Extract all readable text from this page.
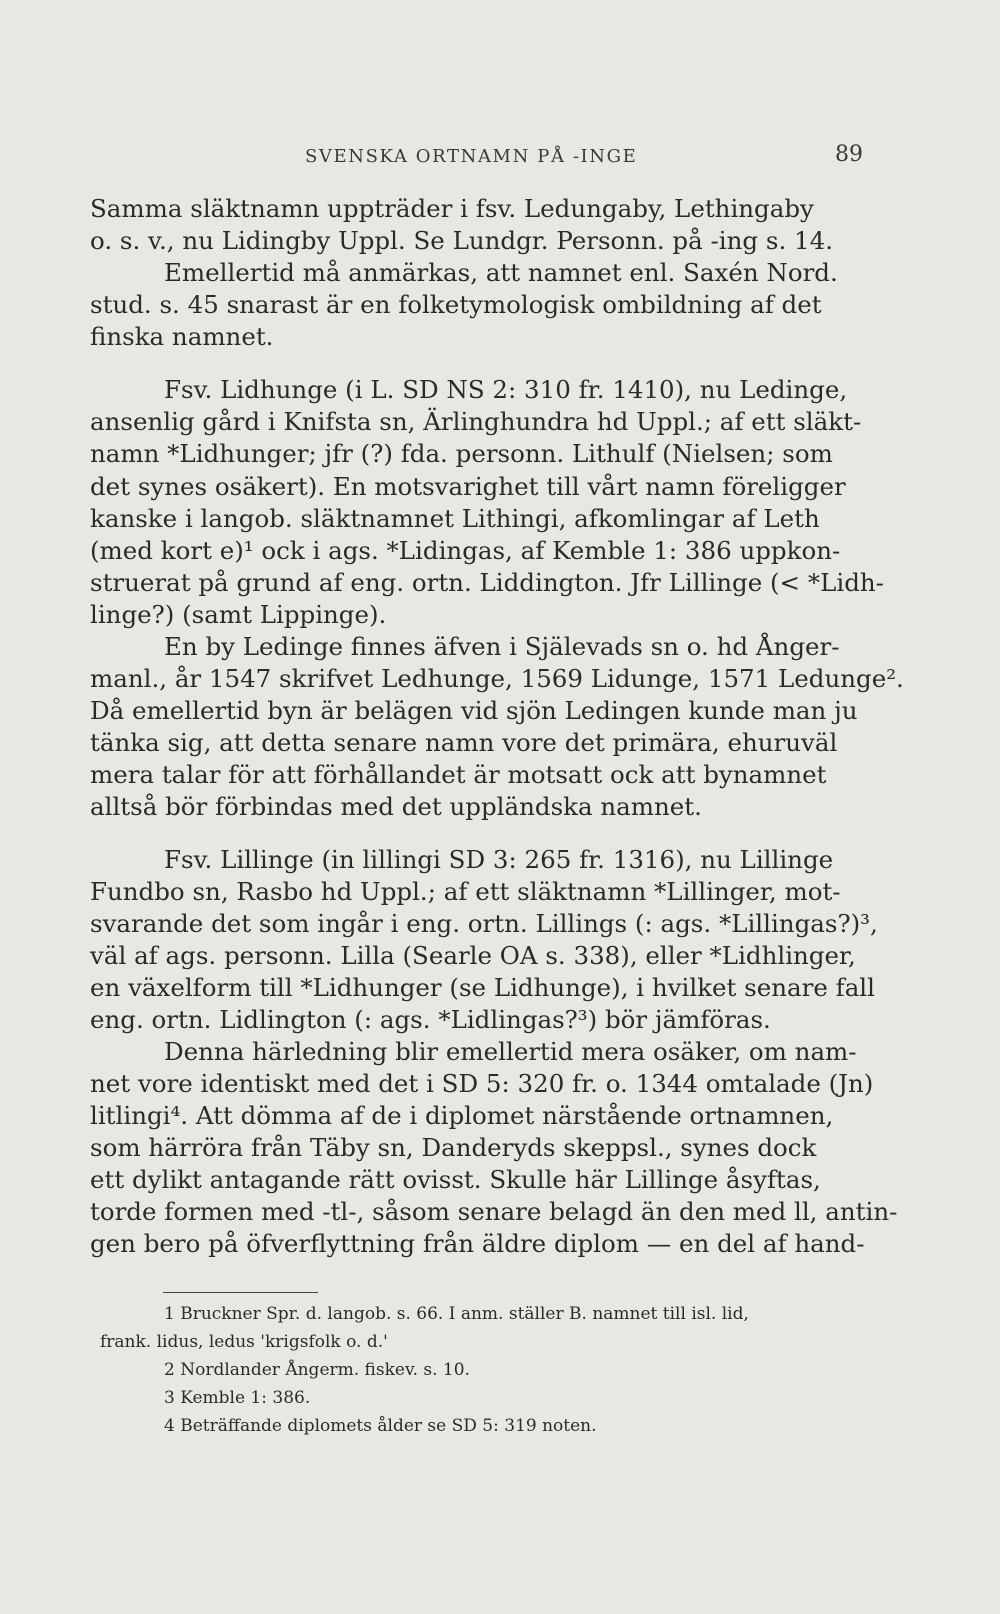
SVENSKA ORTNAMN PÅ -INGE	89
Samma släktnamn uppträder i fsv. Ledungaby, Lethingaby
o. s. v., nu Lidingby Uppl. Se Lundgr. Personn. på -ing s. 14.
Emellertid må anmärkas, att namnet enl. Saxén Nord.
stud. s. 45 snarast är en folketymologisk ombildning af det
finska namnet.
Fsv. Lidhunge (i L. SD NS 2: 310 fr. 1410), nu Ledinge,
ansenlig gård i Knifsta sn, Ärlinghundra hd Uppl.; af ett släkt-
namn *Lidhunger; jfr (?) fda. personn. Lithulf (Nielsen; som
det synes osäkert). En motsvarighet till vårt namn föreligger
kanske i langob. släktnamnet Lithingi, afkomlingar af Leth
(med kort e)¹ ock i ags. *Lidingas, af Kemble 1: 386 uppkon-
struerat på grund af eng. ortn. Liddington. Jfr Lillinge (< *Lidh-
linge?) (samt Lippinge).
En by Ledinge finnes äfven i Själevads sn o. hd Ånger-
manl., år 1547 skrifvet Ledhunge, 1569 Lidunge, 1571 Ledunge².
Då emellertid byn är belägen vid sjön Ledingen kunde man ju
tänka sig, att detta senare namn vore det primära, ehuruväl
mera talar för att förhållandet är motsatt ock att bynamnet
alltså bör förbindas med det uppländska namnet.
Fsv. Lillinge (in lillingi SD 3: 265 fr. 1316), nu Lillinge
Fundbo sn, Rasbo hd Uppl.; af ett släktnamn *Lillinger, mot-
svarande det som ingår i eng. ortn. Lillings (: ags. *Lillingas?)³,
väl af ags. personn. Lilla (Searle OA s. 338), eller *Lidhlinger,
en växelform till *Lidhunger (se Lidhunge), i hvilket senare fall
eng. ortn. Lidlington (: ags. *Lidlingas?³) bör jämföras.
Denna härledning blir emellertid mera osäker, om nam-
net vore identiskt med det i SD 5: 320 fr. o. 1344 omtalade (Jn)
litlingi⁴. Att dömma af de i diplomet närstående ortnamnen,
som härröra från Täby sn, Danderyds skeppsl., synes dock
ett dylikt antagande rätt ovisst. Skulle här Lillinge åsyftas,
torde formen med -tl-, såsom senare belagd än den med ll, antin-
gen bero på öfverflyttning från äldre diplom — en del af hand-
1 Bruckner Spr. d. langob. s. 66. I anm. ställer B. namnet till isl. lid,
frank. lidus, ledus 'krigsfolk o. d.'
2 Nordlander Ångerm. fiskev. s. 10.
3 Kemble 1: 386.
4 Beträffande diplomets ålder se SD 5: 319 noten.
